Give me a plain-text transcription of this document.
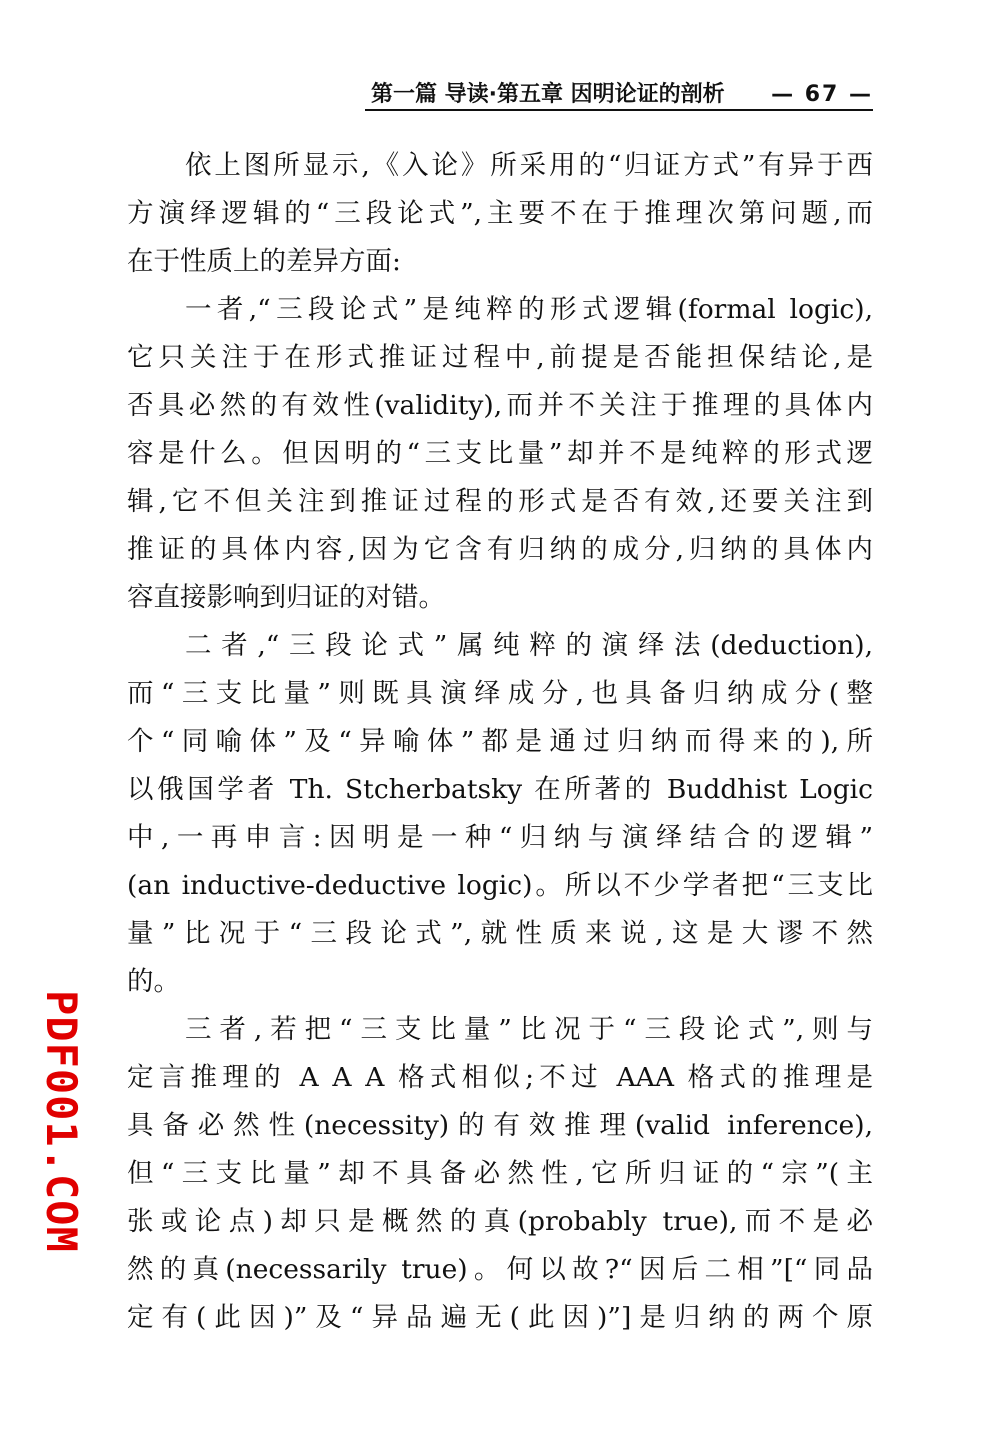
第一篇 导读·第五章 因明论证的剖析 — 67 —
依上图所显示,《入论》所采用的“归证方式”有异于西
方演绎逻辑的“三段论式”,主要不在于推理次第问题,而
在于性质上的差异方面:
一者,“三段论式”是纯粹的形式逻辑(formal logic),
它只关注于在形式推证过程中,前提是否能担保结论,是
否具必然的有效性(validity),而并不关注于推理的具体内
容是什么。但因明的“三支比量”却并不是纯粹的形式逻
辑,它不但关注到推证过程的形式是否有效,还要关注到
推证的具体内容,因为它含有归纳的成分,归纳的具体内
容直接影响到归证的对错。
二者,“三段论式”属纯粹的演绎法(deduction),
而“三支比量”则既具演绎成分,也具备归纳成分(整
个“同喻体”及“异喻体”都是通过归纳而得来的),所
以俄国学者 Th. Stcherbatsky 在所著的 Buddhist Logic
中,一再申言:因明是一种“归纳与演绎结合的逻辑”
(an inductive-deductive logic)。所以不少学者把“三支比
量”比况于“三段论式”,就性质来说,这是大谬不然
的。
三者,若把“三支比量”比况于“三段论式”,则与
定言推理的 A A A 格式相似;不过 AAA 格式的推理是
具备必然性(necessity)的有效推理(valid inference),
但“三支比量”却不具备必然性,它所归证的“宗”(主
张或论点)却只是概然的真(probably true),而不是必
然的真(necessarily true)。何以故?“因后二相”[“同品
定有(此因)”及“异品遍无(此因)”]是归纳的两个原
PDF001.COM
